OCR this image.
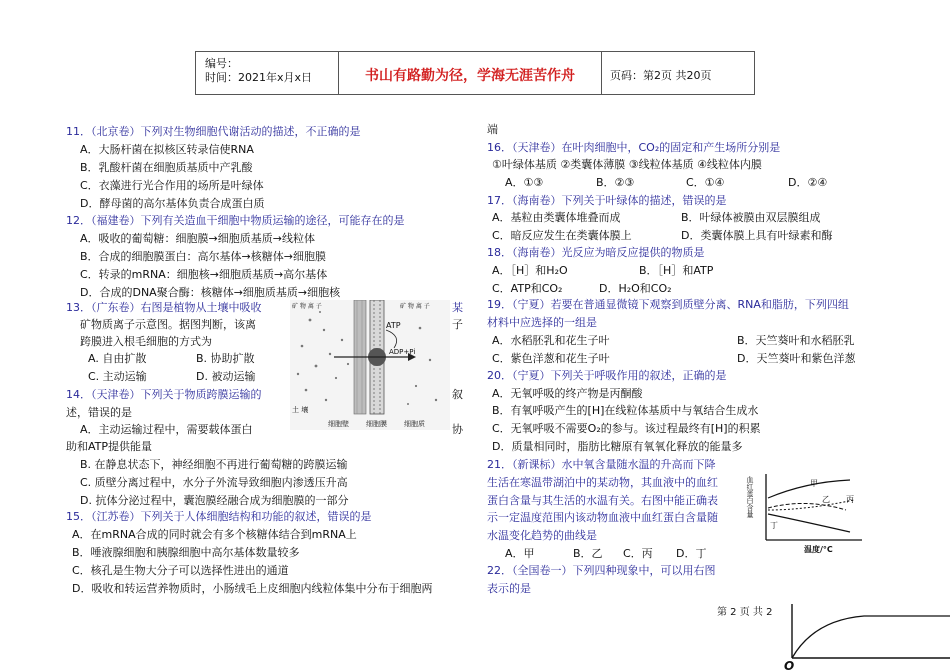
编号：
时间：2021年x月x日	书山有路勤为径，学海无涯苦作舟	页码：第2页 共20页
11．（北京卷）下列对生物细胞代谢活动的描述，不正确的是
A．大肠杆菌在拟核区转录信使RNA
B．乳酸杆菌在细胞质基质中产乳酸
C．衣藻进行光合作用的场所是叶绿体
D．酵母菌的高尔基体负责合成蛋白质
12．（福建卷）下列有关造血干细胞中物质运输的途径，可能存在的是
A．吸收的葡萄糖：细胞膜→细胞质基质→线粒体
B．合成的细胞膜蛋白：高尔基体→核糖体→细胞膜
C．转录的mRNA：细胞核→细胞质基质→高尔基体
D．合成的DNA聚合酶：核糖体→细胞质基质→细胞核
13．（广东卷）右图是植物从土壤中吸收	某
矿物质离子示意图。据图判断，该离	子
跨膜进入根毛细胞的方式为
A. 自由扩散	B. 协助扩散
C. 主动运输	D. 被动运输
14．（天津卷）下列关于物质跨膜运输的	叙
述，错误的是
A．主动运输过程中，需要载体蛋白	协
助和ATP提供能量
B. 在静息状态下，神经细胞不再进行葡萄糖的跨膜运输
C. 质壁分离过程中，水分子外流导致细胞内渗透压升高
D. 抗体分泌过程中，囊泡膜经融合成为细胞膜的一部分
15．（江苏卷）下列关于人体细胞结构和功能的叙述，错误的是
A．在mRNA合成的同时就会有多个核糖体结合到mRNA上
B．唾液腺细胞和胰腺细胞中高尔基体数量较多
C．核孔是生物大分子可以选择性进出的通道
D．吸收和转运营养物质时，小肠绒毛上皮细胞内线粒体集中分布于细胞两
ATP
ADP+Pi
矿 物 离 子	矿 物 离 子
土 壤
细胞壁 细胞膜 细胞质
端
16．（天津卷）在叶肉细胞中，CO₂的固定和产生场所分别是
①叶绿体基质 ②类囊体薄膜 ③线粒体基质 ④线粒体内膜
A．①③	B．②③	C．①④	D．②④
17．（海南卷）下列关于叶绿体的描述，错误的是
A．基粒由类囊体堆叠而成	B．叶绿体被膜由双层膜组成
C．暗反应发生在类囊体膜上	D．类囊体膜上具有叶绿素和酶
18．（海南卷）光反应为暗反应提供的物质是
A．［H］和H₂O	B．［H］和ATP
C．ATP和CO₂	D．H₂O和CO₂
19．（宁夏）若要在普通显微镜下观察到质壁分离、RNA和脂肪，下列四组
材料中应选择的一组是
A．水稻胚乳和花生子叶	B．天竺葵叶和水稻胚乳
C．紫色洋葱和花生子叶	D．天竺葵叶和紫色洋葱
20．（宁夏）下列关于呼吸作用的叙述，正确的是
A．无氧呼吸的终产物是丙酮酸
B．有氧呼吸产生的[H]在线粒体基质中与氧结合生成水
C．无氧呼吸不需要O₂的参与。该过程最终有[H]的积累
D．质量相同时，脂肪比糖原有氧氧化释放的能量多
21．（新课标）水中氧含量随水温的升高而下降
生活在寒温带湖泊中的某动物，其血液中的血红
蛋白含量与其生活的水温有关。右图中能正确表
示一定温度范围内该动物血液中血红蛋白含量随
水温变化趋势的曲线是
A．甲	B．乙 C．丙 D．丁
22．（全国卷一）下列四种现象中，可以用右图
表示的是
血红蛋白含量
温度/°C
甲
乙 丙
丁
第 2 页 共 2
O
